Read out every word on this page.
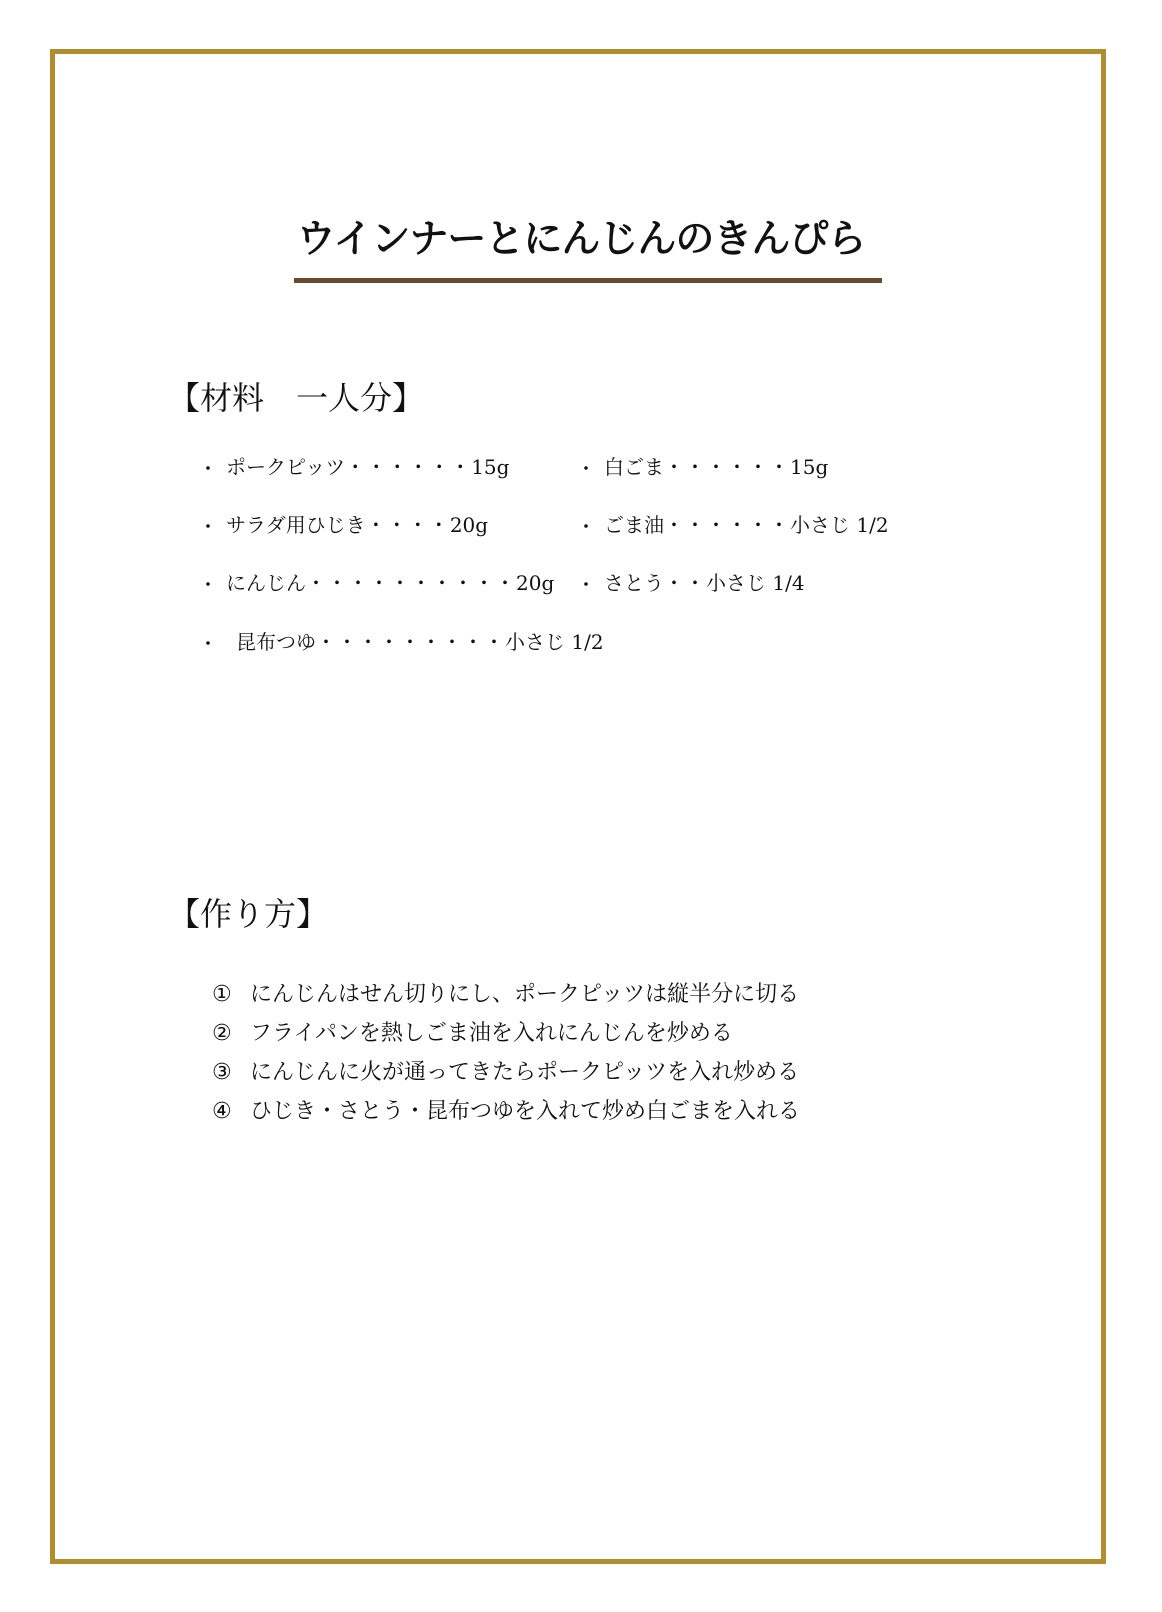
ウインナーとにんじんのきんぴら
【材料　一人分】
・ ポークピッツ ・・・・・・ 15g
・ サラダ用ひじき ・・・・ 20g
・ にんじん ・・・・・・・・・・ 20g
・ 昆布つゆ ・・・・・・・・・ 小さじ 1/2
・ 白ごま ・・・・・・ 15g
・ ごま油 ・・・・・・ 小さじ 1/2
・ さとう ・・ 小さじ 1/4
【作り方】
① にんじんはせん切りにし、ポークピッツは縦半分に切る
② フライパンを熱しごま油を入れにんじんを炒める
③ にんじんに火が通ってきたらポークピッツを入れ炒める
④ ひじき・さとう・昆布つゆを入れて炒め白ごまを入れる
